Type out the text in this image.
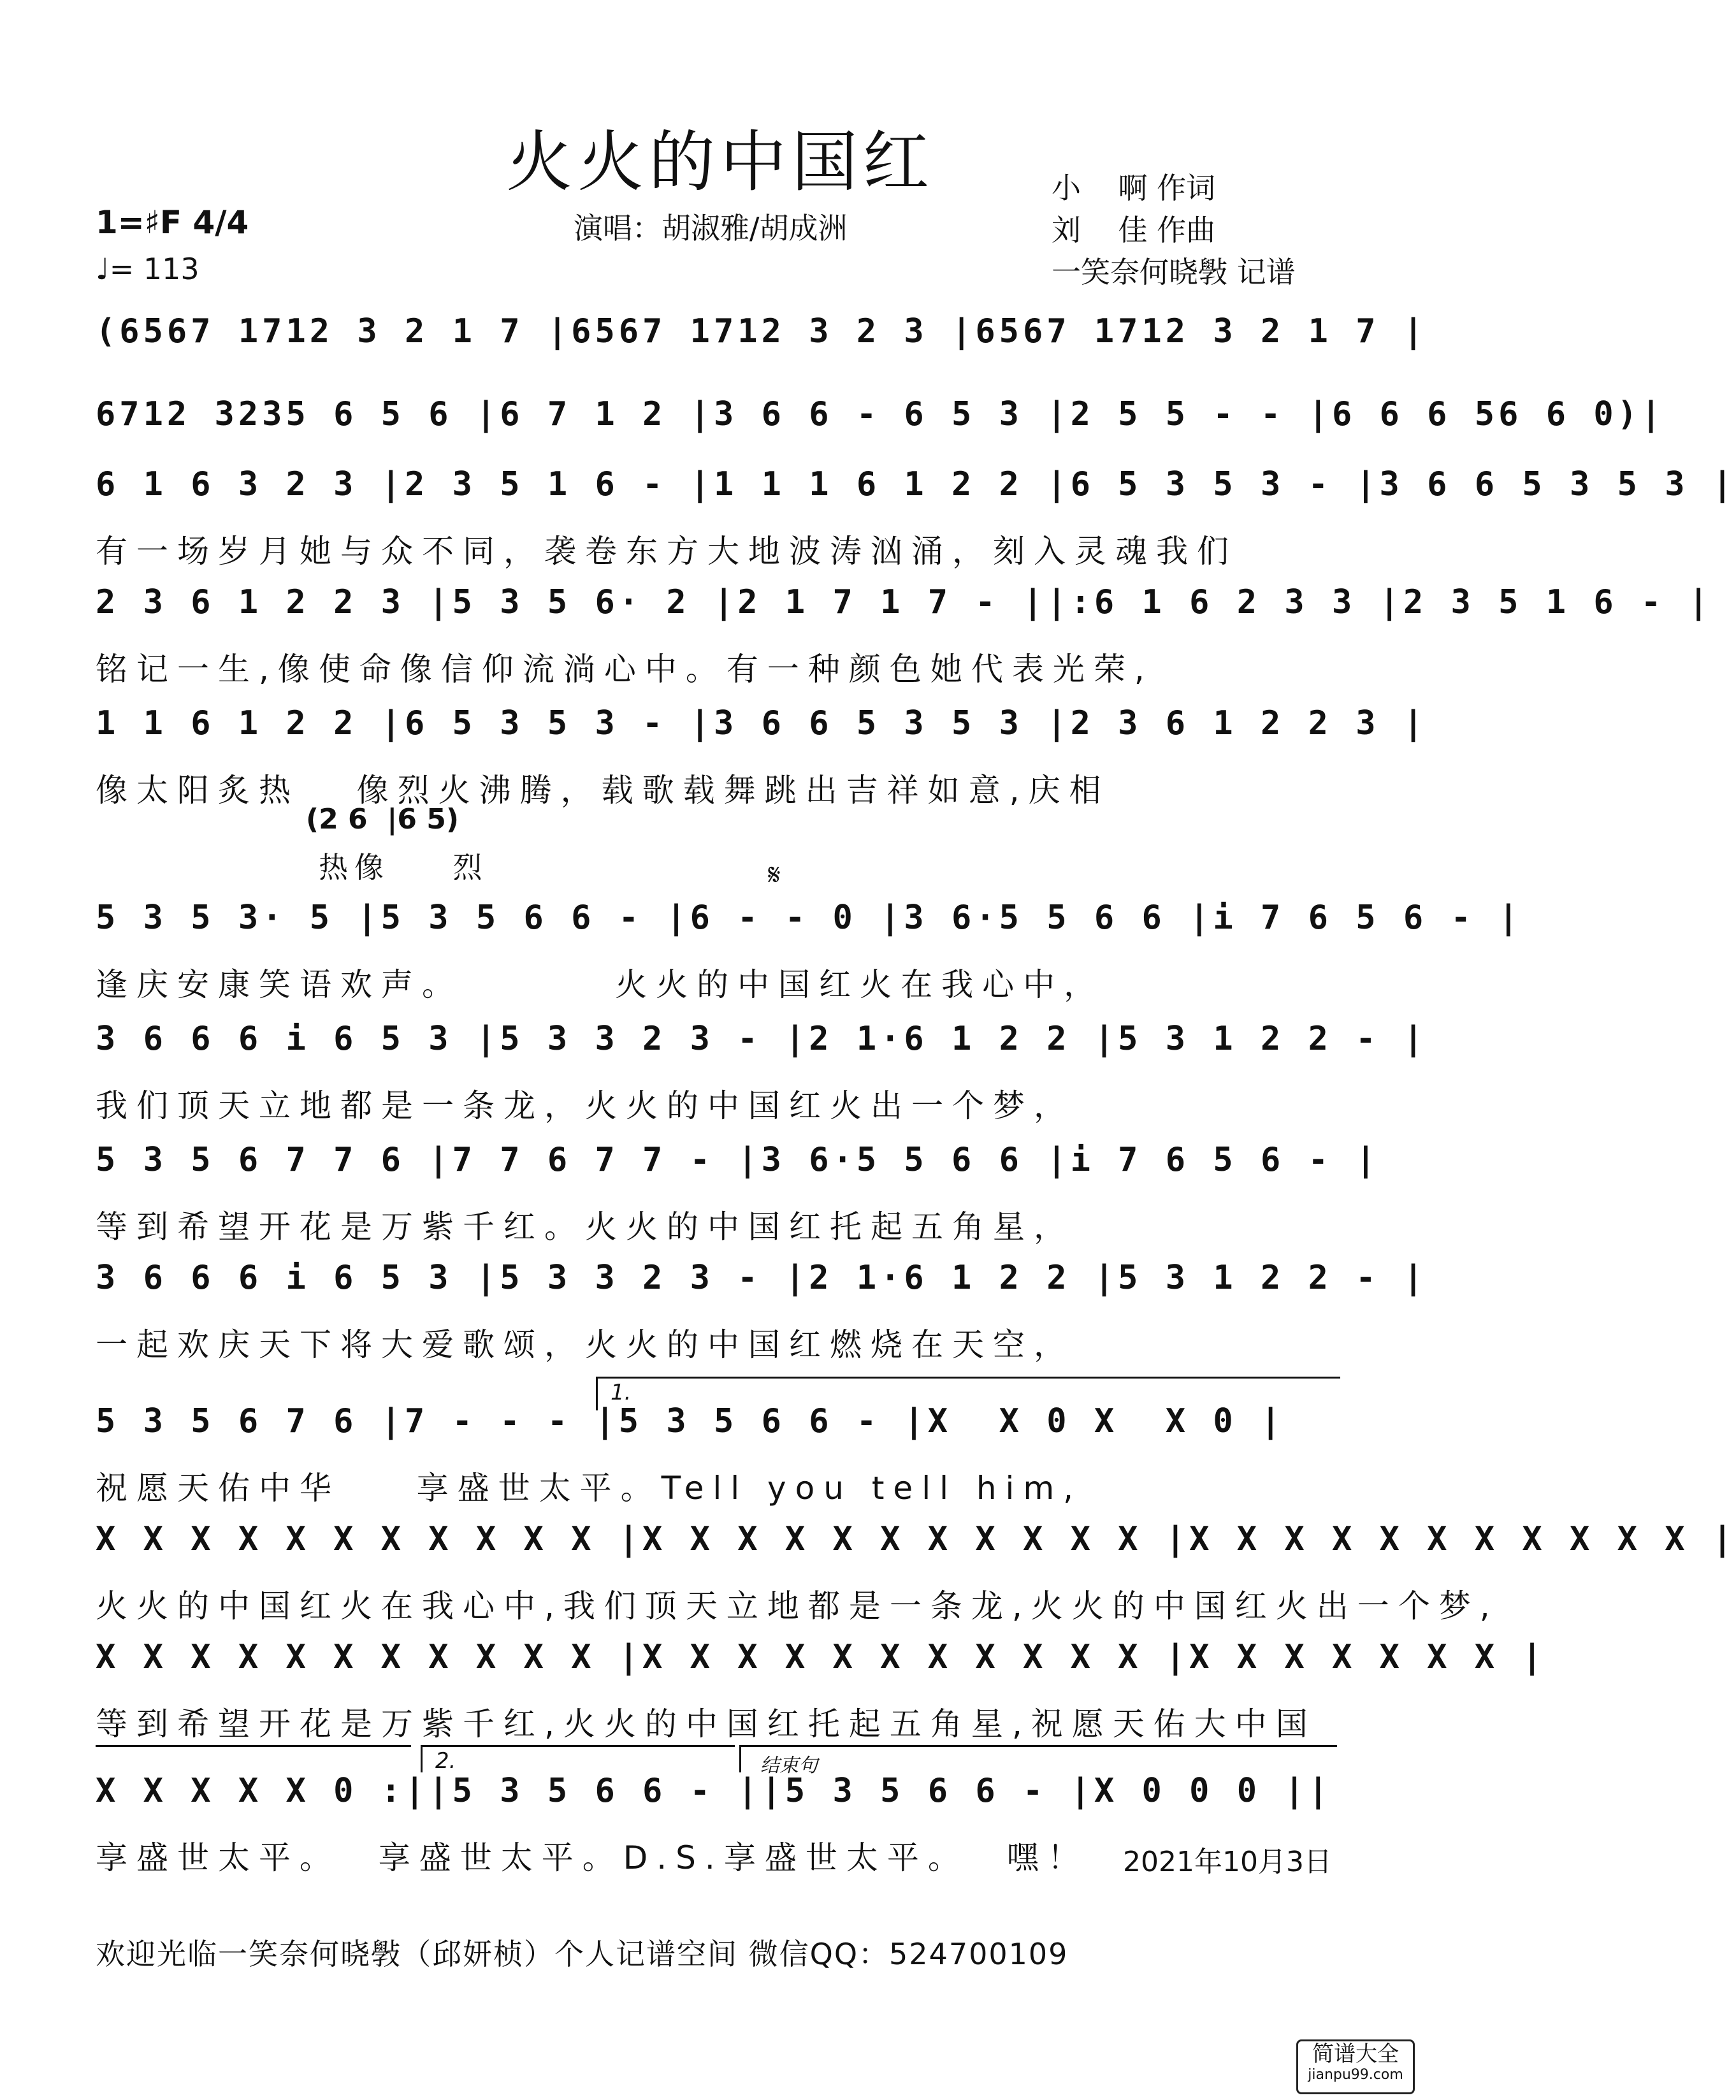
火火的中国红
1=♯F 4/4
♩= 113
演唱：胡淑雅/胡成洲
小    啊 作词
刘    佳 作曲
一笑奈何晓斅 记谱
(6567 1712 3 2 1 7 |6567 1712 3 2 3 |6567 1712 3 2 1 7 |
6712 3235 6 5 6 |6 7 1 2 |3 6 6 - 6 5 3 |2 5 5 - - |6 6 6 56 6 0)|
6 1 6 3 2 3 |2 3 5 1 6 - |1 1 1 6 1 2 2 |6 5 3 5 3 - |3 6 6 5 3 5 3 |
有一场岁月她与众不同，袭卷东方大地波涛汹涌，刻入灵魂我们
2 3 6 1 2 2 3 |5 3 5 6· 2 |2 1 7 1 7 - ||:6 1 6 2 3 3 |2 3 5 1 6 - |
铭记一生,像使命像信仰流淌心中。有一种颜色她代表光荣,
1 1 6 1 2 2 |6 5 3 5 3 - |3 6 6 5 3 5 3 |2 3 6 1 2 2 3 |
像太阳炙热   像烈火沸腾，载歌载舞跳出吉祥如意,庆相
(2 6  |6 5)
热像    烈	𝄋
5 3 5 3· 5 |5 3 5 6 6 - |6 - - 0 |3 6·5 5 6 6 |i 7 6 5 6 - |
逢庆安康笑语欢声。        火火的中国红火在我心中，
3 6 6 6 i 6 5 3 |5 3 3 2 3 - |2 1·6 1 2 2 |5 3 1 2 2 - |
我们顶天立地都是一条龙，火火的中国红火出一个梦，
5 3 5 6 7 7 6 |7 7 6 7 7 - |3 6·5 5 6 6 |i 7 6 5 6 - |
等到希望开花是万紫千红。火火的中国红托起五角星，
3 6 6 6 i 6 5 3 |5 3 3 2 3 - |2 1·6 1 2 2 |5 3 1 2 2 - |
一起欢庆天下将大爱歌颂，火火的中国红燃烧在天空，
1.
5 3 5 6 7 6 |7 - - - |5 3 5 6 6 - |X  X 0 X  X 0 |
祝愿天佑中华    享盛世太平。Tell you tell him,
X X X X X X X X X X X |X X X X X X X X X X X |X X X X X X X X X X X |
火火的中国红火在我心中,我们顶天立地都是一条龙,火火的中国红火出一个梦,
X X X X X X X X X X X |X X X X X X X X X X X |X X X X X X X |
等到希望开花是万紫千红,火火的中国红托起五角星,祝愿天佑大中国
2.	结束句
X X X X X 0 :||5 3 5 6 6 - ||5 3 5 6 6 - |X 0 0 0 ||
享盛世太平。  享盛世太平。D.S.享盛世太平。  嘿！	2021年10月3日
欢迎光临一笑奈何晓斅（邱妍桢）个人记谱空间 微信QQ：524700109
简谱大全
jianpu99.com
